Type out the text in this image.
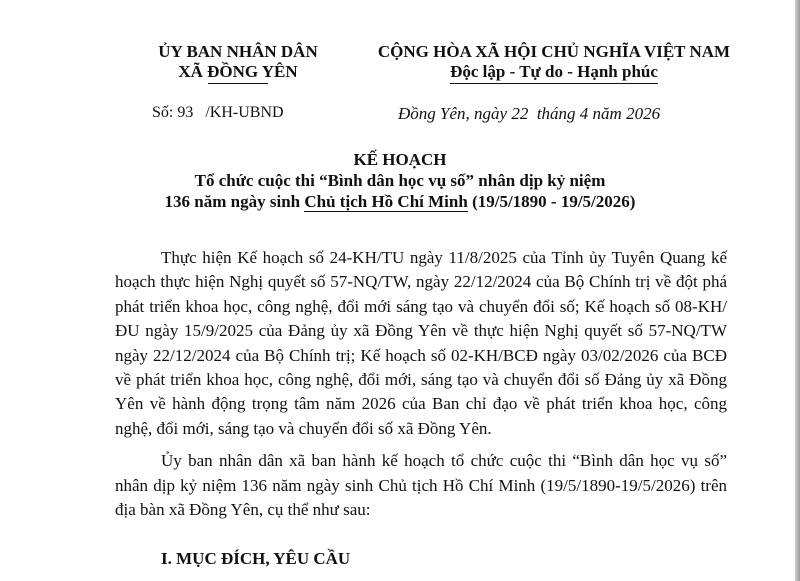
ỦY BAN NHÂN DÂN
XÃ ĐỒNG YÊN
CỘNG HÒA XÃ HỘI CHỦ NGHĨA VIỆT NAM
Độc lập - Tự do - Hạnh phúc
Số: 93   /KH-UBND	Đồng Yên, ngày 22  tháng 4 năm 2026
KẾ HOẠCH
Tổ chức cuộc thi “Bình dân học vụ số” nhân dịp kỷ niệm
136 năm ngày sinh Chủ tịch Hồ Chí Minh (19/5/1890 - 19/5/2026)

Thực hiện Kế hoạch số 24-KH/TU ngày 11/8/2025 của Tỉnh ủy Tuyên Quang kế hoạch thực hiện Nghị quyết số 57-NQ/TW, ngày 22/12/2024 của Bộ Chính trị về đột phá phát triển khoa học, công nghệ, đổi mới sáng tạo và chuyển đổi số; Kế hoạch số 08-KH/ĐU ngày 15/9/2025 của Đảng ủy xã Đồng Yên về thực hiện Nghị quyết số 57-NQ/TW ngày 22/12/2024 của Bộ Chính trị; Kế hoạch số 02-KH/BCĐ ngày 03/02/2026 của BCĐ về phát triển khoa học, công nghệ, đổi mới, sáng tạo và chuyển đổi số Đảng ủy xã Đồng Yên về hành động trọng tâm năm 2026 của Ban chỉ đạo về phát triển khoa học, công nghệ, đổi mới, sáng tạo và chuyển đổi số xã Đồng Yên.

Ủy ban nhân dân xã ban hành kế hoạch tổ chức cuộc thi “Bình dân học vụ số” nhân dịp kỷ niệm 136 năm ngày sinh Chủ tịch Hồ Chí Minh (19/5/1890-19/5/2026) trên địa bàn xã Đồng Yên, cụ thể như sau:

I. MỤC ĐÍCH, YÊU CẦU
